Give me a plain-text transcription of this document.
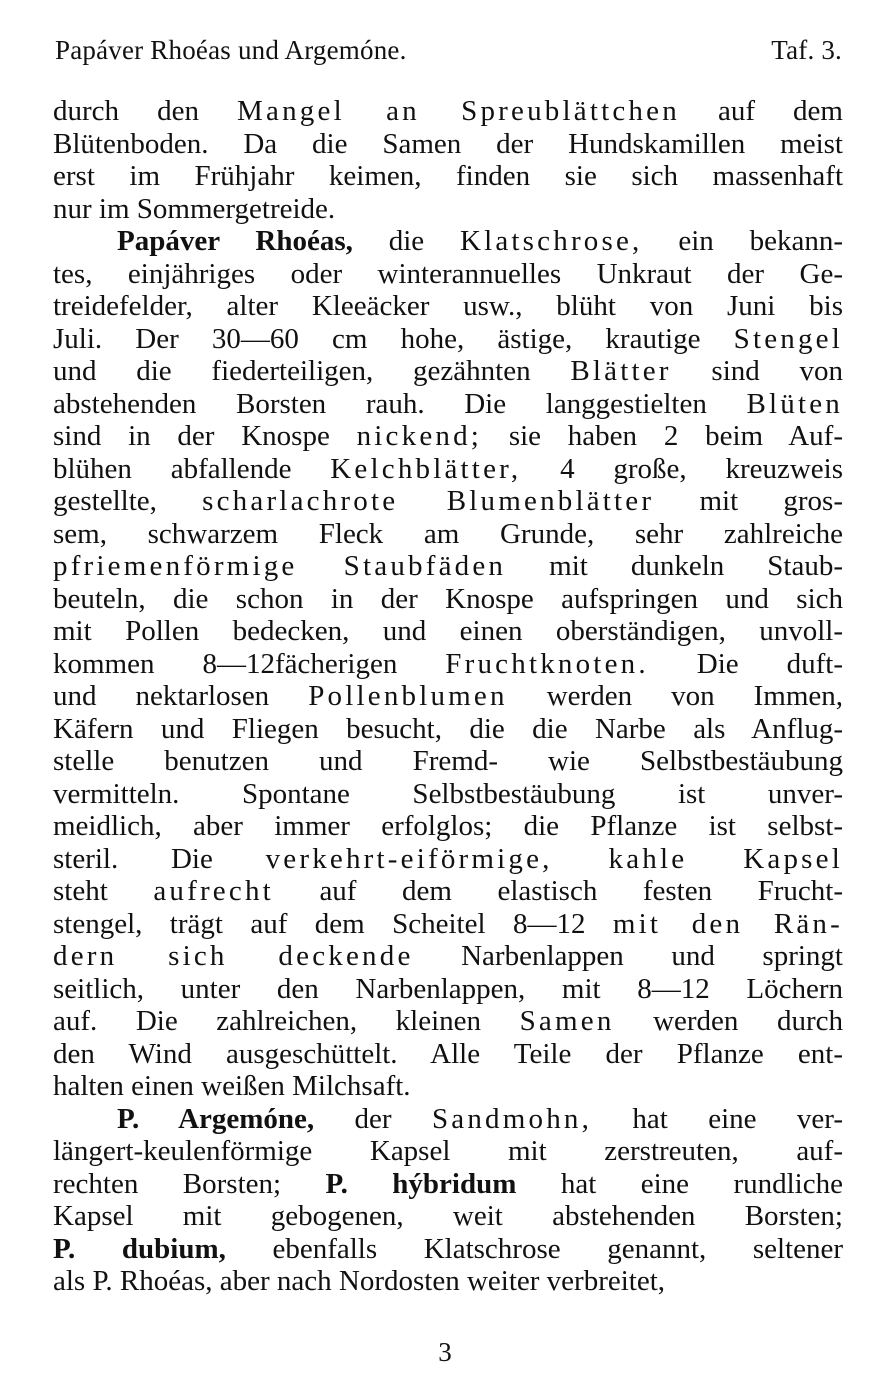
Papáver Rhoéas und Argemóne.	Taf. 3.
durch den Mangel an Spreublättchen auf dem
Blütenboden. Da die Samen der Hundskamillen meist
erst im Frühjahr keimen, finden sie sich massenhaft
nur im Sommergetreide.
Papáver Rhoéas, die Klatschrose, ein bekann-
tes, einjähriges oder winterannuelles Unkraut der Ge-
treidefelder, alter Kleeäcker usw., blüht von Juni bis
Juli. Der 30—60 cm hohe, ästige, krautige Stengel
und die fiederteiligen, gezähnten Blätter sind von
abstehenden Borsten rauh. Die langgestielten Blüten
sind in der Knospe nickend; sie haben 2 beim Auf-
blühen abfallende Kelchblätter, 4 große, kreuzweis
gestellte, scharlachrote Blumenblätter mit gros-
sem, schwarzem Fleck am Grunde, sehr zahlreiche
pfriemenförmige Staubfäden mit dunkeln Staub-
beuteln, die schon in der Knospe aufspringen und sich
mit Pollen bedecken, und einen oberständigen, unvoll-
kommen 8—12fächerigen Fruchtknoten. Die duft-
und nektarlosen Pollenblumen werden von Immen,
Käfern und Fliegen besucht, die die Narbe als Anflug-
stelle benutzen und Fremd- wie Selbstbestäubung
vermitteln. Spontane Selbstbestäubung ist unver-
meidlich, aber immer erfolglos; die Pflanze ist selbst-
steril. Die verkehrt-eiförmige, kahle Kapsel
steht aufrecht auf dem elastisch festen Frucht-
stengel, trägt auf dem Scheitel 8—12 mit den Rän-
dern sich deckende Narbenlappen und springt
seitlich, unter den Narbenlappen, mit 8—12 Löchern
auf. Die zahlreichen, kleinen Samen werden durch
den Wind ausgeschüttelt. Alle Teile der Pflanze ent-
halten einen weißen Milchsaft.
P. Argemóne, der Sandmohn, hat eine ver-
längert-keulenförmige Kapsel mit zerstreuten, auf-
rechten Borsten; P. hýbridum hat eine rundliche
Kapsel mit gebogenen, weit abstehenden Borsten;
P. dubium, ebenfalls Klatschrose genannt, seltener
als P. Rhoéas, aber nach Nordosten weiter verbreitet,
3
